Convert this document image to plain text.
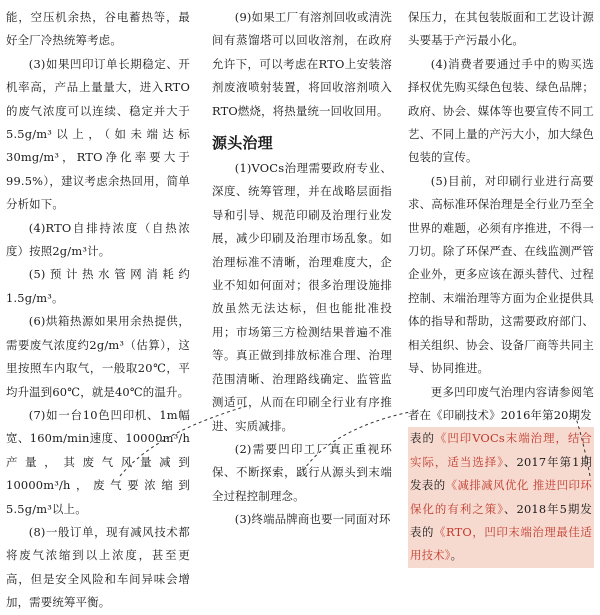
能，空压机余热，谷电蓄热等，最好全厂冷热统筹考虑。

(3)如果凹印订单长期稳定、开机率高，产品上量量大，进入RTO的废气浓度可以连续、稳定并大于5.5g/m³以上，（如未端达标30mg/m³，RTO净化率要大于99.5%），建议考虑余热回用，简单分析如下。

(4)RTO自排持浓度（自热浓度）按照2g/m³计。

(5)预计热水管网消耗约1.5g/m³。

(6)烘箱热源如果用余热提供，需要废气浓度约2g/m³（估算），这里按照车内取气，一般取20℃，平均升温到60℃，就是40℃的温升。

(7)如一台10色凹印机、1m幅宽、160m/min速度、10000m³/h产量，其废气风量减到10000m³/h，废气要浓缩到5.5g/m³以上。

(8)一般订单，现有减风技术都将废气浓缩到以上浓度，甚至更高，但是安全风险和车间异味会增加，需要统筹平衡。

(9)如果工厂有溶剂回收或清洗间有蒸馏塔可以回收溶剂，在政府允许下，可以考虑在RTO上安装溶剂废液喷射装置，将回收溶剂喷入RTO燃烧，将热量统一回收回用。

源头治理

(1)VOCs治理需要政府专业、深度、统筹管理，并在战略层面指导和引导、规范印刷及治理行业发展，减少印刷及治理市场乱象。如治理标准不清晰，治理难度大，企业不知如何面对；很多治理设施排放虽然无法达标，但也能批准投用；市场第三方检测结果普遍不准等。真正做到排放标准合理、治理范围清晰、治理路线确定、监管监测适可，从而在印刷全行业有序推进、实质减排。

(2)需要凹印工厂真正重视环保、不断探索，践行从源头到末端全过程控制理念。

(3)终端品牌商也要一同面对环

保压力，在其包装版面和工艺设计源头要基于产污最小化。

(4)消费者要通过手中的购买选择权优先购买绿色包装、绿色品牌；政府、协会、媒体等也要宣传不同工艺、不同上量的产污大小，加大绿色包装的宣传。

(5)目前，对印刷行业进行高要求、高标准环保治理是全行业乃至全世界的难题，必须有序推进，不得一刀切。除了环保严查、在线监测严管企业外，更多应该在源头替代、过程控制、末端治理等方面为企业提供具体的指导和帮助，这需要政府部门、相关组织、协会、设备厂商等共同主导、协同推进。

更多凹印废气治理内容请参阅笔者在《印刷技术》2016年第20期发

表的《凹印VOCs末端治理，结合实际，适当选择》、2017年第1期发表的《减排减风优化 推进凹印环保化的有利之策》、2018年5期发表的《RTO，凹印末端治理最佳适用技术》。
